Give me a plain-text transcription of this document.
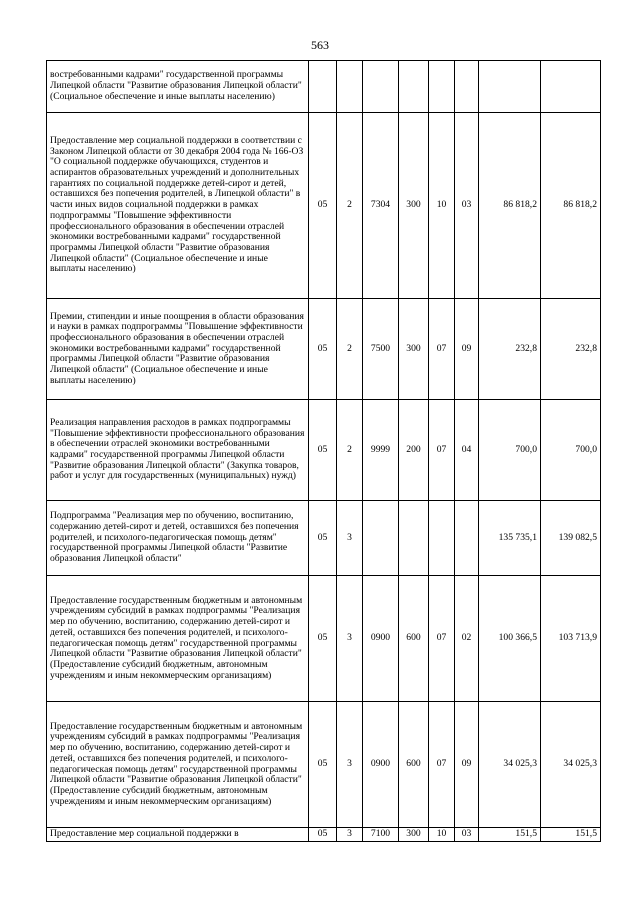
563
востребованными кадрами" государственной программы Липецкой области "Развитие образования Липецкой области" (Социальное обеспечение и иные выплаты населению)								
Предоставление мер социальной поддержки в соответствии с Законом Липецкой области от 30 декабря 2004 года № 166-ОЗ "О социальной поддержке обучающихся, студентов и аспирантов образовательных учреждений и дополнительных гарантиях по социальной поддержке детей-сирот и детей, оставшихся без попечения родителей, в Липецкой области" в части иных видов социальной поддержки в рамках подпрограммы "Повышение эффективности профессионального образования в обеспечении отраслей экономики востребованными кадрами" государственной программы Липецкой области "Развитие образования Липецкой области" (Социальное обеспечение и иные выплаты населению)	05	2	7304	300	10	03	86 818,2	86 818,2
Премии, стипендии и иные поощрения в области образования и науки в рамках подпрограммы "Повышение эффективности профессионального образования в обеспечении отраслей экономики востребованными кадрами" государственной программы Липецкой области "Развитие образования Липецкой области" (Социальное обеспечение и иные выплаты населению)	05	2	7500	300	07	09	232,8	232,8
Реализация направления расходов в рамках подпрограммы "Повышение эффективности профессионального образования в обеспечении отраслей экономики востребованными кадрами" государственной программы Липецкой области "Развитие образования Липецкой области" (Закупка товаров, работ и услуг для государственных (муниципальных) нужд)	05	2	9999	200	07	04	700,0	700,0
Подпрограмма "Реализация мер по обучению, воспитанию, содержанию детей-сирот и детей, оставшихся без попечения родителей, и психолого-педагогическая помощь детям" государственной программы Липецкой области "Развитие образования Липецкой области"	05	3					135 735,1	139 082,5
Предоставление государственным бюджетным и автономным учреждениям субсидий в рамках подпрограммы "Реализация мер по обучению, воспитанию, содержанию детей-сирот и детей, оставшихся без попечения родителей, и психолого-педагогическая помощь детям" государственной программы Липецкой области "Развитие образования Липецкой области" (Предоставление субсидий бюджетным, автономным учреждениям и иным некоммерческим организациям)	05	3	0900	600	07	02	100 366,5	103 713,9
Предоставление государственным бюджетным и автономным учреждениям субсидий в рамках подпрограммы "Реализация мер по обучению, воспитанию, содержанию детей-сирот и детей, оставшихся без попечения родителей, и психолого-педагогическая помощь детям" государственной программы Липецкой области "Развитие образования Липецкой области" (Предоставление субсидий бюджетным, автономным учреждениям и иным некоммерческим организациям)	05	3	0900	600	07	09	34 025,3	34 025,3
Предоставление мер социальной поддержки в	05	3	7100	300	10	03	151,5	151,5
